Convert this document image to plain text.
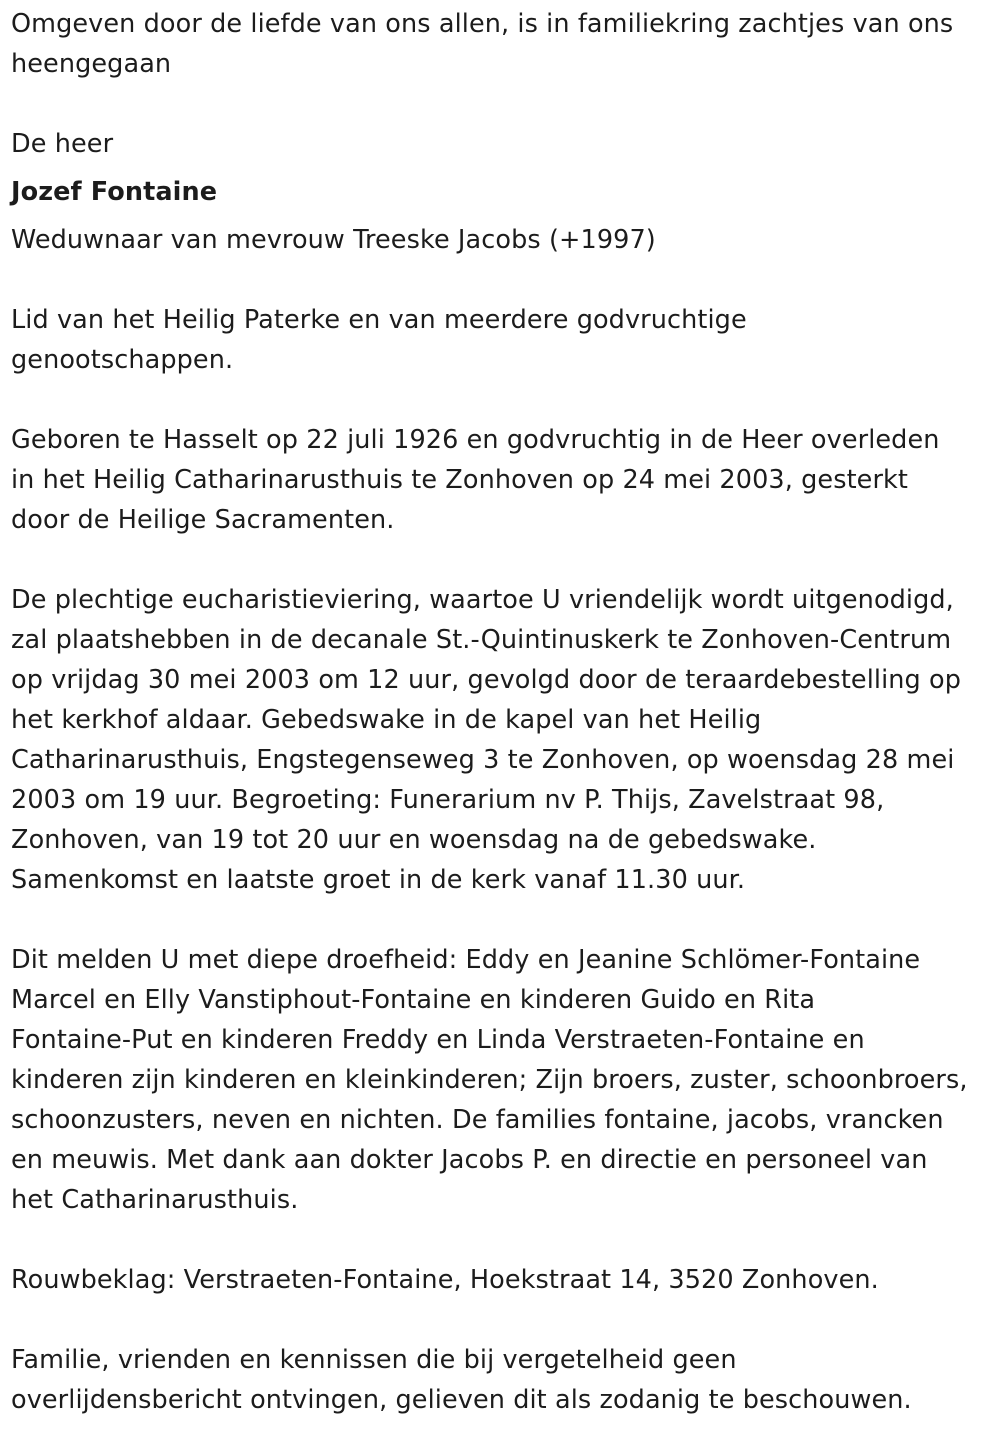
Omgeven door de liefde van ons allen, is in familiekring zachtjes van ons
heengegaan

De heer
Jozef Fontaine
Weduwnaar van mevrouw Treeske Jacobs (+1997)

Lid van het Heilig Paterke en van meerdere godvruchtige
genootschappen.

Geboren te Hasselt op 22 juli 1926 en godvruchtig in de Heer overleden
in het Heilig Catharinarusthuis te Zonhoven op 24 mei 2003, gesterkt
door de Heilige Sacramenten.

De plechtige eucharistieviering, waartoe U vriendelijk wordt uitgenodigd,
zal plaatshebben in de decanale St.-Quintinuskerk te Zonhoven-Centrum
op vrijdag 30 mei 2003 om 12 uur, gevolgd door de teraardebestelling op
het kerkhof aldaar. Gebedswake in de kapel van het Heilig
Catharinarusthuis, Engstegenseweg 3 te Zonhoven, op woensdag 28 mei
2003 om 19 uur. Begroeting: Funerarium nv P. Thijs, Zavelstraat 98,
Zonhoven, van 19 tot 20 uur en woensdag na de gebedswake.
Samenkomst en laatste groet in de kerk vanaf 11.30 uur.

Dit melden U met diepe droefheid: Eddy en Jeanine Schlömer-Fontaine
Marcel en Elly Vanstiphout-Fontaine en kinderen Guido en Rita
Fontaine-Put en kinderen Freddy en Linda Verstraeten-Fontaine en
kinderen zijn kinderen en kleinkinderen; Zijn broers, zuster, schoonbroers,
schoonzusters, neven en nichten. De families fontaine, jacobs, vrancken
en meuwis. Met dank aan dokter Jacobs P. en directie en personeel van
het Catharinarusthuis.

Rouwbeklag: Verstraeten-Fontaine, Hoekstraat 14, 3520 Zonhoven.

Familie, vrienden en kennissen die bij vergetelheid geen
overlijdensbericht ontvingen, gelieven dit als zodanig te beschouwen.
